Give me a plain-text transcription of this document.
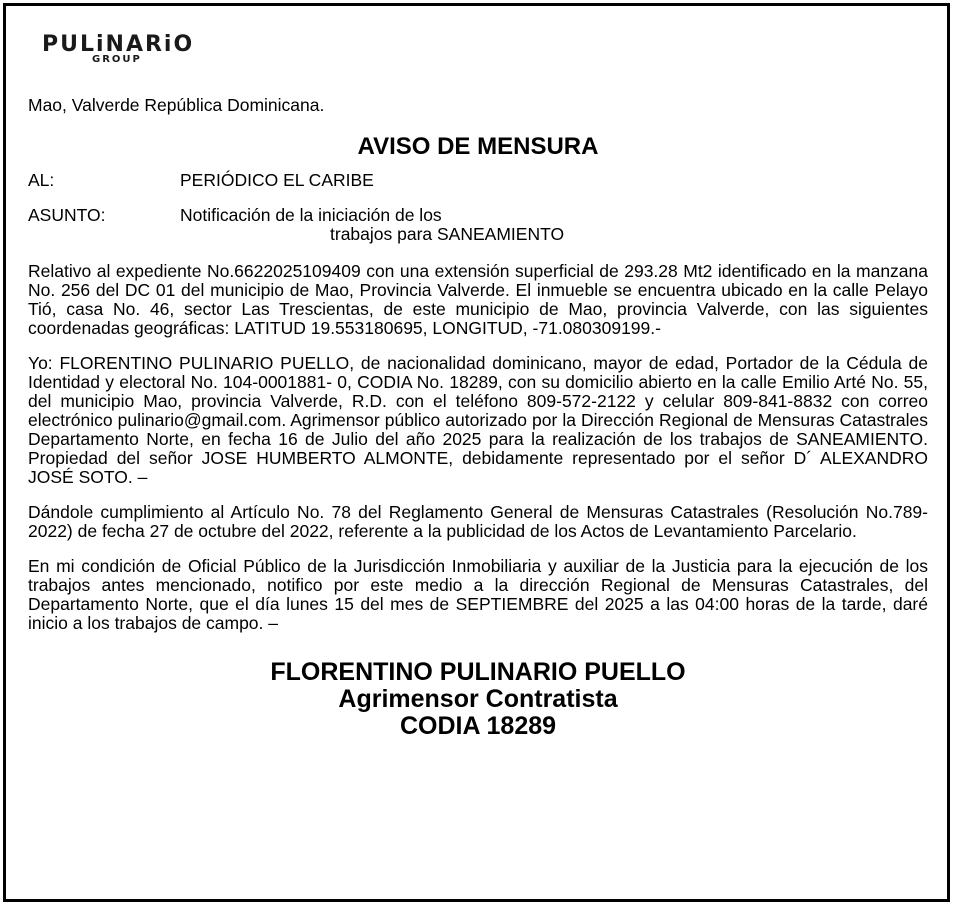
PULiNARiO
GROUP

Mao, Valverde República Dominicana.

AVISO DE MENSURA
AL:	PERIÓDICO EL CARIBE
ASUNTO:	Notificación de la iniciación de los
trabajos para SANEAMIENTO

Relativo al expediente No.6622025109409 con una extensión superficial de 293.28 Mt2 identificado en la manzana No. 256 del DC 01 del municipio de Mao, Provincia Valverde. El inmueble se encuentra ubicado en la calle Pelayo Tió, casa No. 46, sector Las Trescientas, de este municipio de Mao, provincia Valverde, con las siguientes coordenadas geográficas: LATITUD 19.553180695, LONGITUD, -71.080309199.-

Yo: FLORENTINO PULINARIO PUELLO, de nacionalidad dominicano, mayor de edad, Portador de la Cédula de Identidad y electoral No. 104-0001881- 0, CODIA No. 18289, con su domicilio abierto en la calle Emilio Arté No. 55, del municipio Mao, provincia Valverde, R.D. con el teléfono 809-572-2122 y celular 809-841-8832 con correo electrónico pulinario@gmail.com. Agrimensor público autorizado por la Dirección Regional de Mensuras Catastrales Departamento Norte, en fecha 16 de Julio del año 2025 para la realización de los trabajos de SANEAMIENTO. Propiedad del señor JOSE HUMBERTO ALMONTE, debidamente representado por el señor D´ ALEXANDRO JOSÉ SOTO. –

Dándole cumplimiento al Artículo No. 78 del Reglamento General de Mensuras Catastrales (Resolución No.789-2022) de fecha 27 de octubre del 2022, referente a la publicidad de los Actos de Levantamiento Parcelario.

En mi condición de Oficial Público de la Jurisdicción Inmobiliaria y auxiliar de la Justicia para la ejecución de los trabajos antes mencionado, notifico por este medio a la dirección Regional de Mensuras Catastrales, del Departamento Norte, que el día lunes 15 del mes de SEPTIEMBRE del 2025 a las 04:00 horas de la tarde, daré inicio a los trabajos de campo. –

FLORENTINO PULINARIO PUELLO
Agrimensor Contratista
CODIA 18289
